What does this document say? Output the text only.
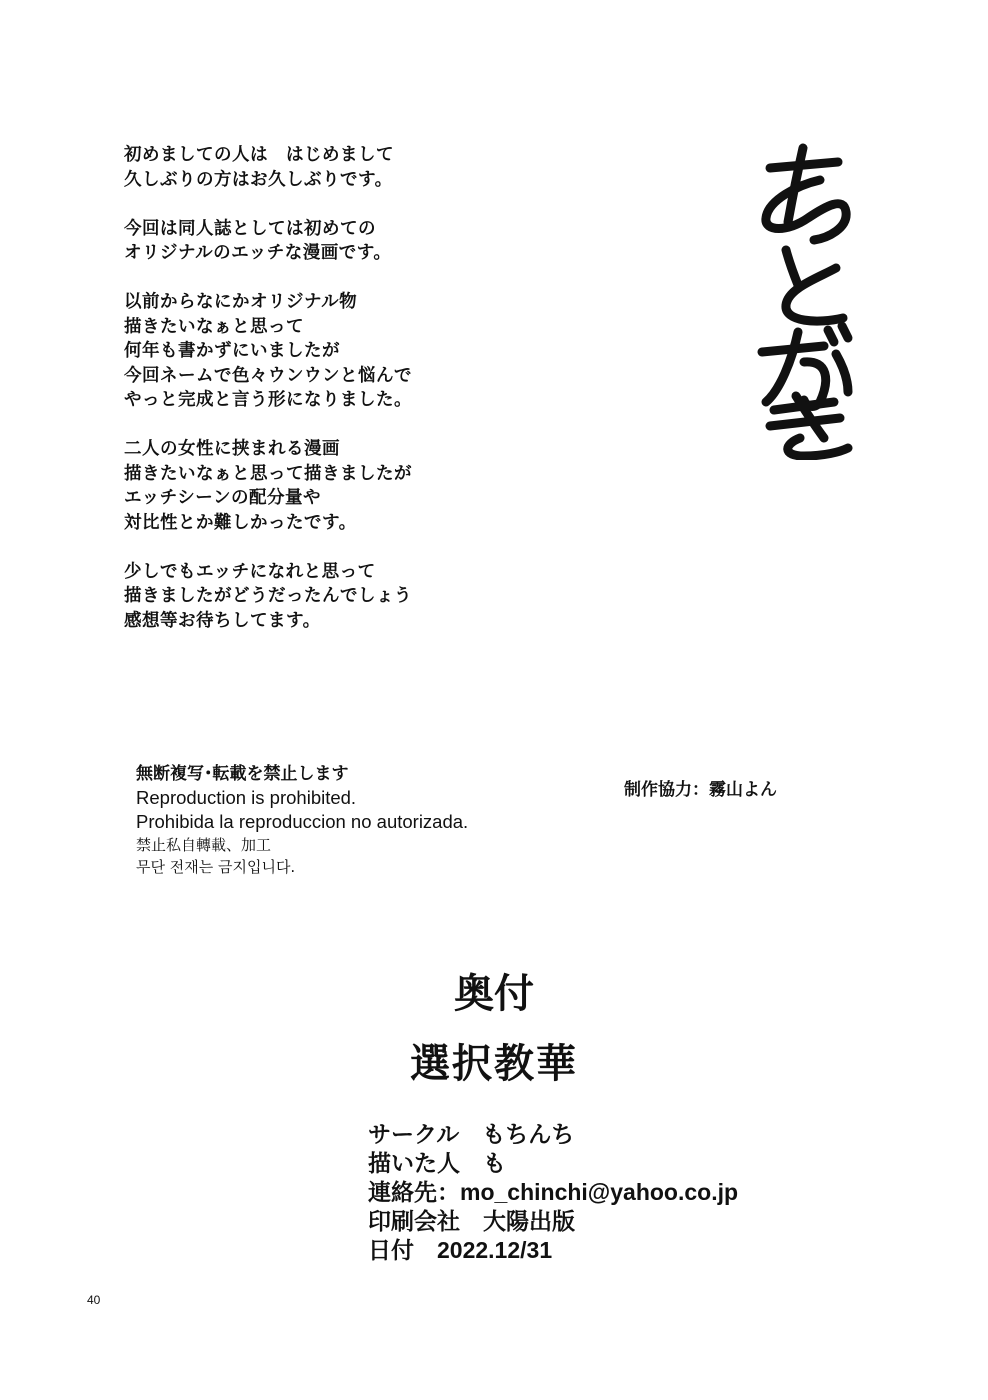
初めましての人は　はじめまして
久しぶりの方はお久しぶりです。
今回は同人誌としては初めての
オリジナルのエッチな漫画です。
以前からなにかオリジナル物
描きたいなぁと思って
何年も書かずにいましたが
今回ネームで色々ウンウンと悩んで
やっと完成と言う形になりました。
二人の女性に挟まれる漫画
描きたいなぁと思って描きましたが
エッチシーンの配分量や
対比性とか難しかったです。
少しでもエッチになれと思って
描きましたがどうだったんでしょう
感想等お待ちしてます。
無断複写･転載を禁止します
Reproduction is prohibited.
Prohibida la reproduccion no autorizada.
禁止私自轉載、加工
무단 전재는 금지입니다.
制作協力：霧山よん
奥付
選択教華
サークル　もちんち
描いた人　も
連絡先：mo_chinchi@yahoo.co.jp
印刷会社　大陽出版
日付　2022.12/31
40
